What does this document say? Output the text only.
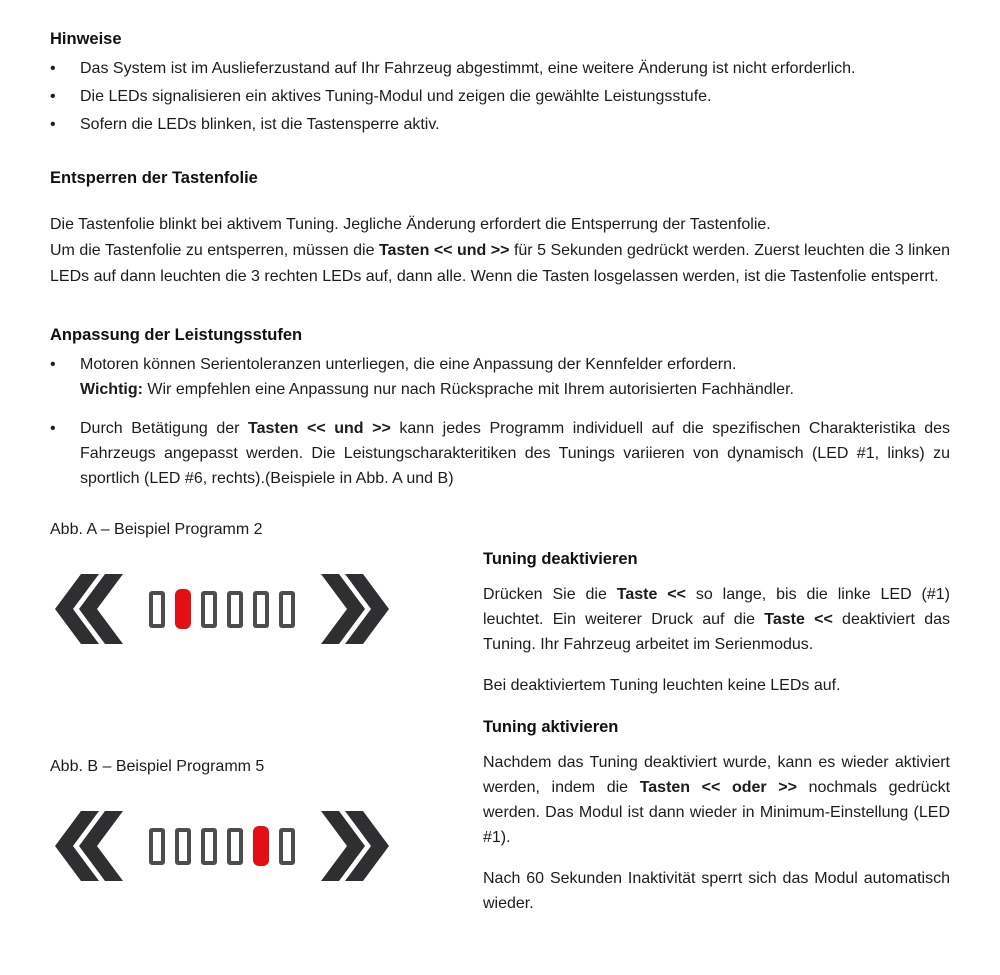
Hinweise
•	Das System ist im Auslieferzustand auf Ihr Fahrzeug abgestimmt, eine weitere Änderung ist nicht erforderlich.
•	Die LEDs signalisieren ein aktives Tuning-Modul und zeigen die gewählte Leistungsstufe.
•	Sofern die LEDs blinken, ist die Tastensperre aktiv.
Entsperren der Tastenfolie

Die Tastenfolie blinkt bei aktivem Tuning. Jegliche Änderung erfordert die Entsperrung der Tastenfolie.
Um die Tastenfolie zu entsperren, müssen die Tasten << und >> für 5 Sekunden gedrückt werden. Zuerst leuchten die 3 linken LEDs auf dann leuchten die 3 rechten LEDs auf, dann alle. Wenn die Tasten losgelassen werden, ist die Tastenfolie entsperrt.

Anpassung der Leistungsstufen
•	Motoren können Serientoleranzen unterliegen, die eine Anpassung der Kennfelder erfordern.
Wichtig: Wir empfehlen eine Anpassung nur nach Rücksprache mit Ihrem autorisierten Fachhändler.
•	Durch Betätigung der Tasten << und >> kann jedes Programm individuell auf die spezifischen Charakteristika des Fahrzeugs angepasst werden. Die Leistungscharakteritiken des Tunings variieren von dynamisch (LED #1, links) zu sportlich (LED #6, rechts).(Beispiele in Abb. A und B)

Abb. A – Beispiel Programm 2

Abb. B – Beispiel Programm 5

Tuning deaktivieren

Drücken Sie die Taste << so lange, bis die linke LED (#1) leuchtet. Ein weiterer Druck auf die Taste << deaktiviert das Tuning. Ihr Fahrzeug arbeitet im Serienmodus.

Bei deaktiviertem Tuning leuchten keine LEDs auf.

Tuning aktivieren

Nachdem das Tuning deaktiviert wurde, kann es wieder aktiviert werden, indem die Tasten << oder >> nochmals gedrückt werden. Das Modul ist dann wieder in Minimum-Einstellung (LED #1).

Nach 60 Sekunden Inaktivität sperrt sich das Modul automatisch wieder.
